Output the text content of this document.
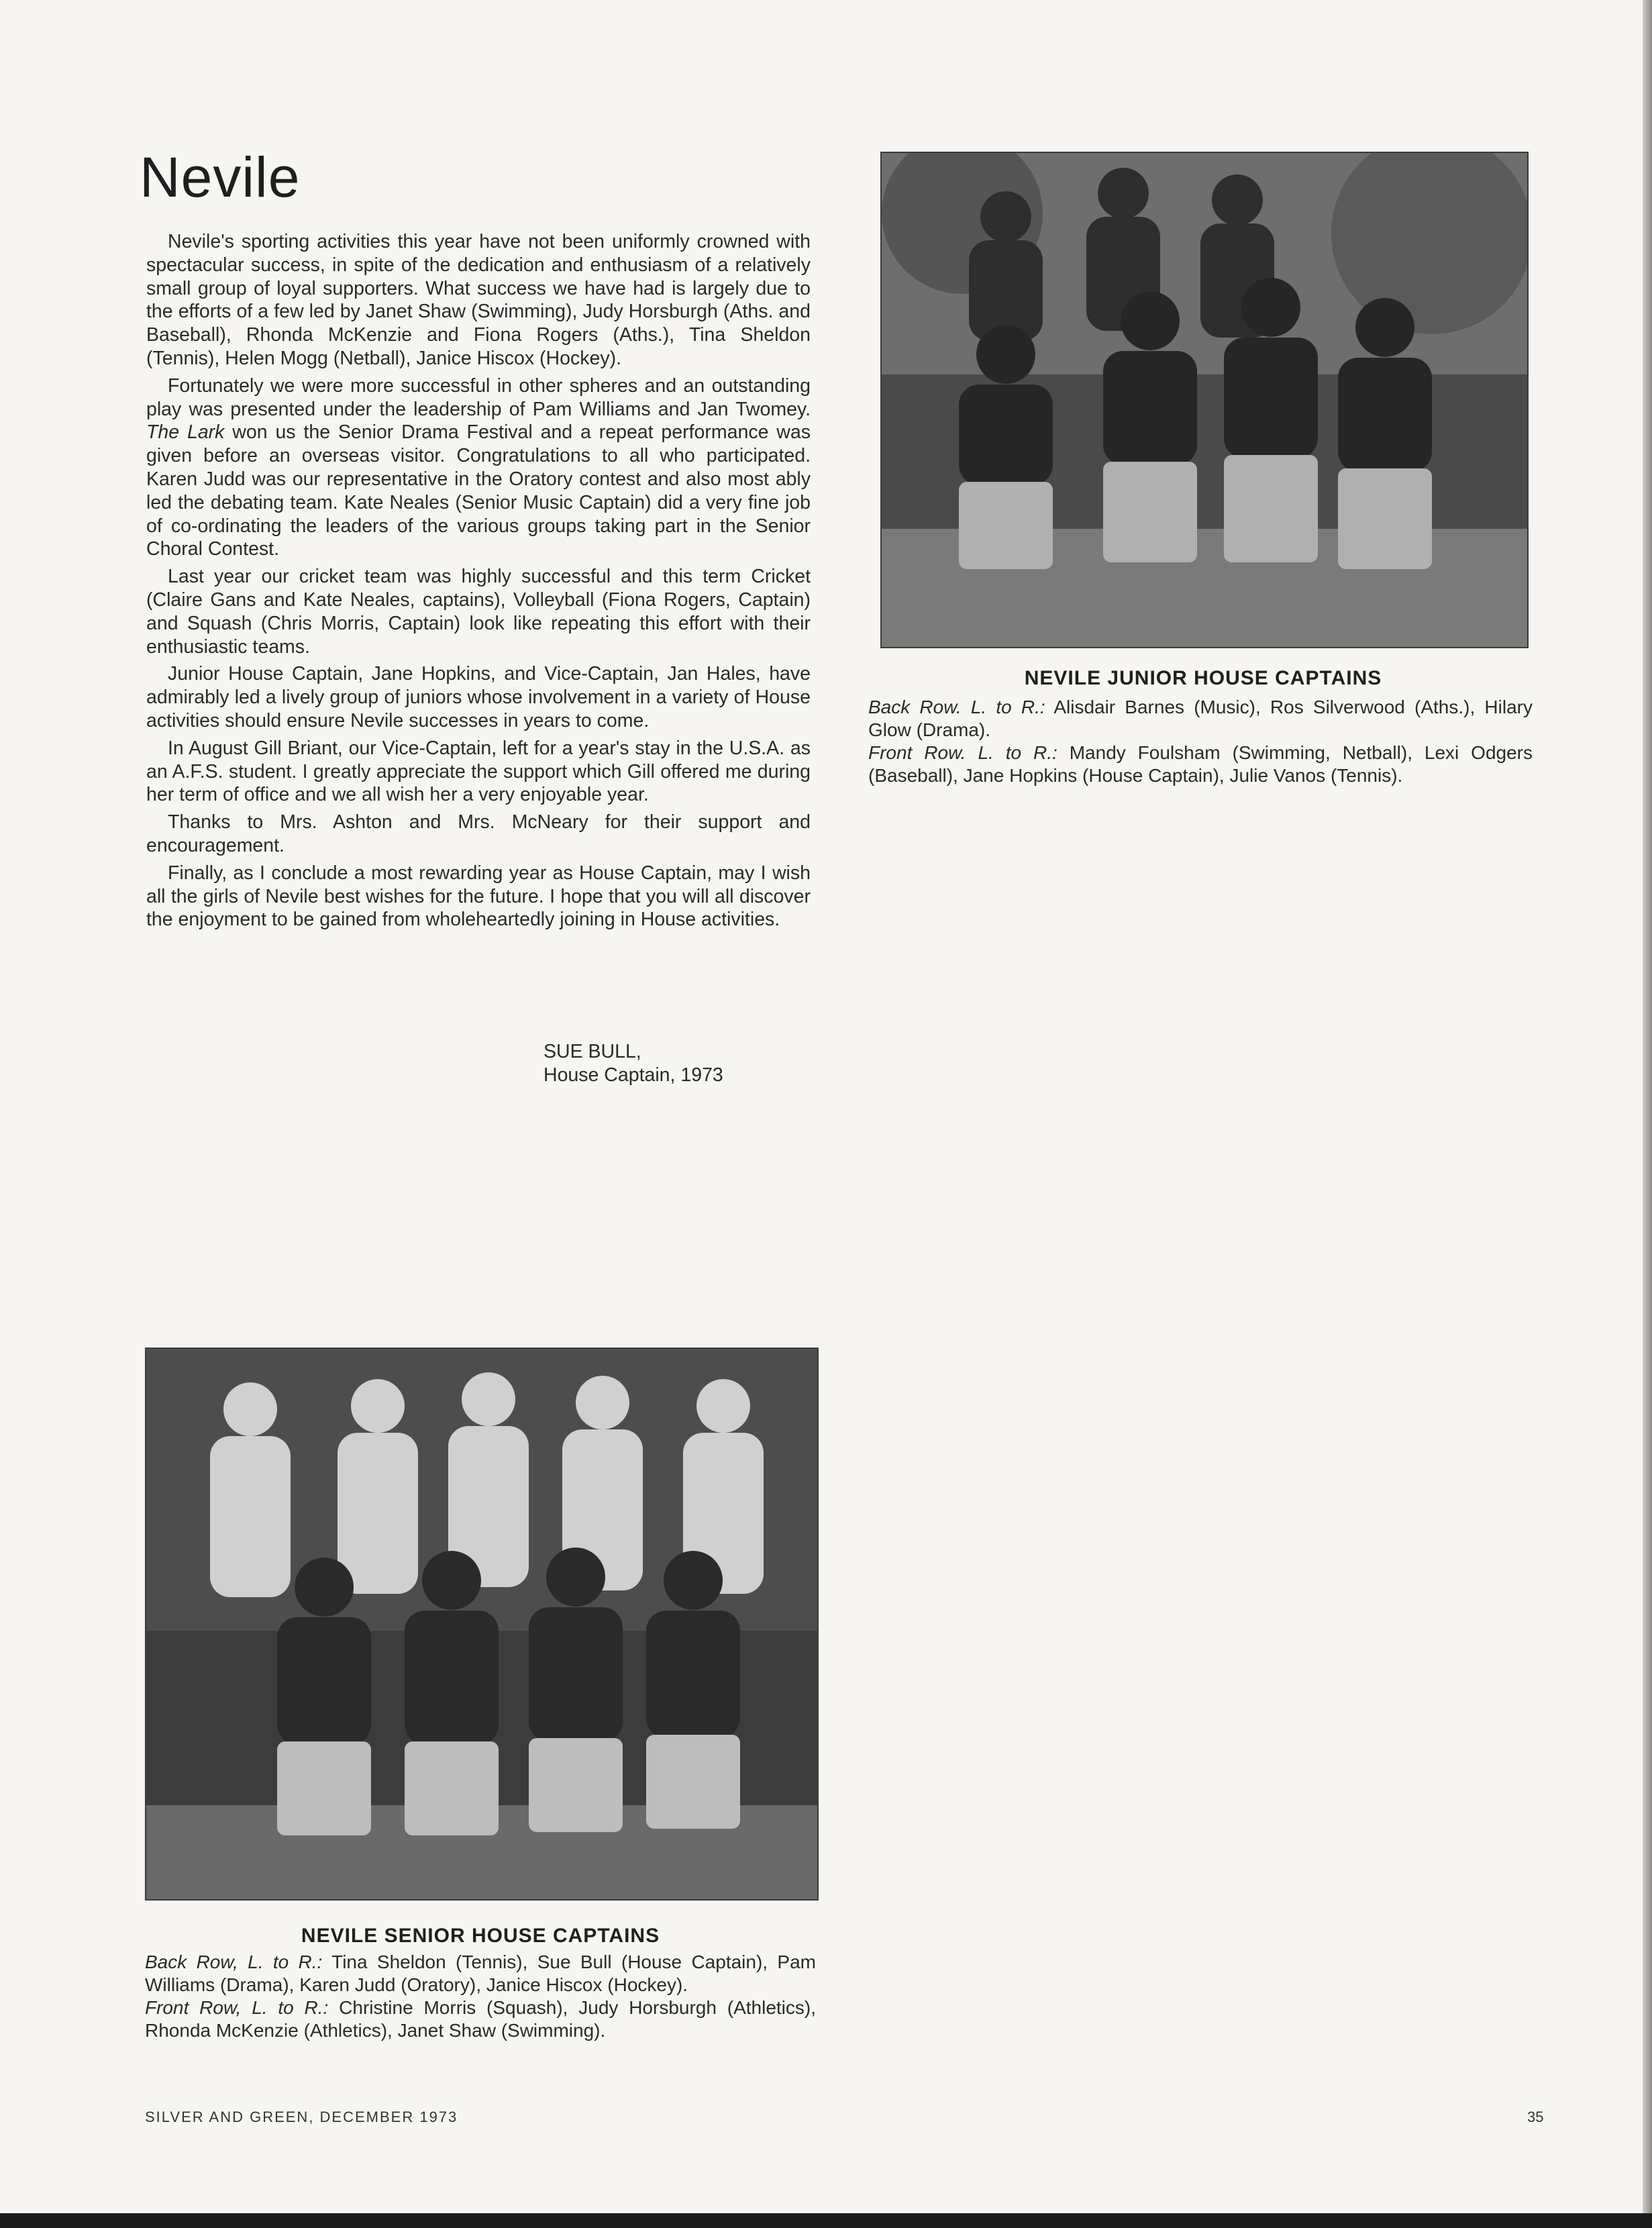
Nevile

Nevile's sporting activities this year have not been uniformly crowned with spectacular success, in spite of the dedication and enthusiasm of a relatively small group of loyal supporters. What success we have had is largely due to the efforts of a few led by Janet Shaw (Swimming), Judy Horsburgh (Aths. and Baseball), Rhonda McKenzie and Fiona Rogers (Aths.), Tina Sheldon (Tennis), Helen Mogg (Netball), Janice Hiscox (Hockey).

Fortunately we were more successful in other spheres and an outstanding play was presented under the leadership of Pam Williams and Jan Twomey. The Lark won us the Senior Drama Festival and a repeat performance was given before an overseas visitor. Congratulations to all who participated. Karen Judd was our representative in the Oratory contest and also most ably led the debating team. Kate Neales (Senior Music Captain) did a very fine job of co-ordinating the leaders of the various groups taking part in the Senior Choral Contest.

Last year our cricket team was highly successful and this term Cricket (Claire Gans and Kate Neales, captains), Volleyball (Fiona Rogers, Captain) and Squash (Chris Morris, Captain) look like repeating this effort with their enthusiastic teams.

Junior House Captain, Jane Hopkins, and Vice-Captain, Jan Hales, have admirably led a lively group of juniors whose involvement in a variety of House activities should ensure Nevile successes in years to come.

In August Gill Briant, our Vice-Captain, left for a year's stay in the U.S.A. as an A.F.S. student. I greatly appreciate the support which Gill offered me during her term of office and we all wish her a very enjoyable year.

Thanks to Mrs. Ashton and Mrs. McNeary for their support and encouragement.

Finally, as I conclude a most rewarding year as House Captain, may I wish all the girls of Nevile best wishes for the future. I hope that you will all discover the enjoyment to be gained from wholeheartedly joining in House activities.

SUE BULL,
House Captain, 1973
NEVILE JUNIOR HOUSE CAPTAINS

Back Row. L. to R.: Alisdair Barnes (Music), Ros Silverwood (Aths.), Hilary Glow (Drama).

Front Row. L. to R.: Mandy Foulsham (Swimming, Netball), Lexi Odgers (Baseball), Jane Hopkins (House Captain), Julie Vanos (Tennis).

NEVILE SENIOR HOUSE CAPTAINS

Back Row, L. to R.: Tina Sheldon (Tennis), Sue Bull (House Captain), Pam Williams (Drama), Karen Judd (Oratory), Janice Hiscox (Hockey).

Front Row, L. to R.: Christine Morris (Squash), Judy Horsburgh (Athletics), Rhonda McKenzie (Athletics), Janet Shaw (Swimming).

SILVER AND GREEN, DECEMBER 1973	35
